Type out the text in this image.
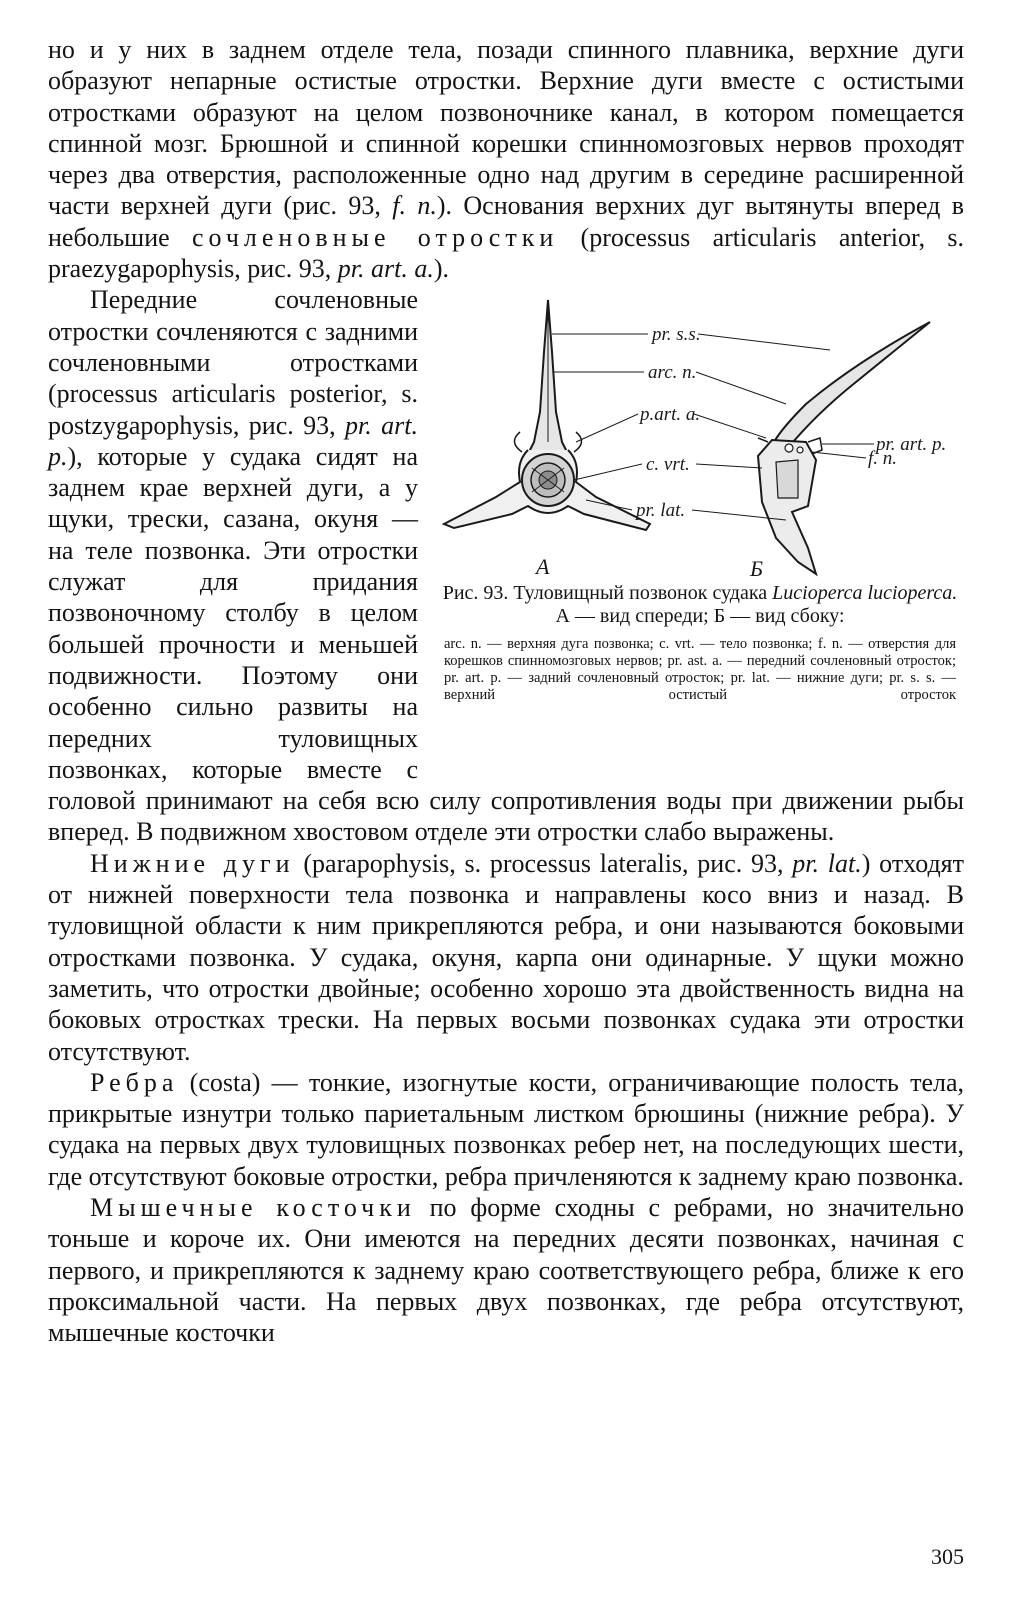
но и у них в заднем отделе тела, позади спинного плавника, верхние дуги образуют непарные остистые отростки. Верхние дуги вместе с остистыми отростками образуют на целом позвоночнике канал, в котором помещается спинной мозг. Брюшной и спинной корешки спинномозговых нервов проходят через два отверстия, расположенные одно над другим в середине расширенной части верхней дуги (рис. 93, f. n.). Основания верхних дуг вытянуты вперед в небольшие сочленовные отростки (processus articularis anterior, s. praezygapophysis, рис. 93, pr. art. a.).

pr. s.s.
arc. n.
p.art. a.
c. vrt.
pr. lat.
pr. art. p.
f. n.
А	Б
Рис. 93. Туловищный позвонок судака Lucioperca lucioperca. А — вид спереди; Б — вид сбоку:
arc. n. — верхняя дуга позвонка; c. vrt. — тело позвонка; f. n. — отверстия для корешков спинномозговых нервов; pr. ast. a. — передний сочленовный отросток; pr. art. p. — задний сочленовный отросток; pr. lat. — нижние дуги; pr. s. s. — верхний остистый отросток

Передние сочленовные отростки сочленяются с задними сочленовными отростками (processus articularis posterior, s. postzygapophysis, рис. 93, pr. art. p.), которые у судака сидят на заднем крае верхней дуги, а у щуки, трески, сазана, окуня — на теле позвонка. Эти отростки служат для придания позвоночному столбу в целом большей прочности и меньшей подвижности. Поэтому они особенно сильно развиты на передних туловищных позвонках, которые вместе с головой принимают на себя всю силу сопротивления воды при движении рыбы вперед. В подвижном хвостовом отделе эти отростки слабо выражены.

Нижние дуги (parapophysis, s. processus lateralis, рис. 93, pr. lat.) отходят от нижней поверхности тела позвонка и направлены косо вниз и назад. В туловищной области к ним прикрепляются ребра, и они называются боковыми отростками позвонка. У судака, окуня, карпа они одинарные. У щуки можно заметить, что отростки двойные; особенно хорошо эта двойственность видна на боковых отростках трески. На первых восьми позвонках судака эти отростки отсутствуют.

Ребра (costa) — тонкие, изогнутые кости, ограничивающие полость тела, прикрытые изнутри только париетальным листком брюшины (нижние ребра). У судака на первых двух туловищных позвонках ребер нет, на последующих шести, где отсутствуют боковые отростки, ребра причленяются к заднему краю позвонка.

Мышечные косточки по форме сходны с ребрами, но значительно тоньше и короче их. Они имеются на передних десяти позвонках, начиная с первого, и прикрепляются к заднему краю соответствующего ребра, ближе к его проксимальной части. На первых двух позвонках, где ребра отсутствуют, мышечные косточки

305
